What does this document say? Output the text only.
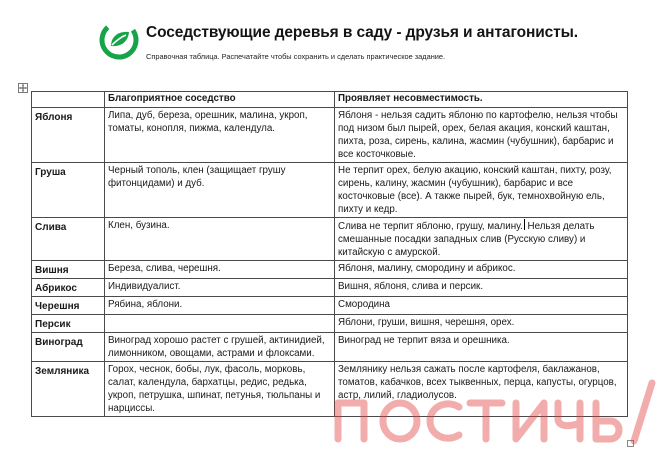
Соседствующие деревья в саду - друзья и антагонисты.
Справочная таблица. Распечатайте чтобы сохранить и сделать практическое задание.
	Благоприятное соседство	Проявляет несовместимость.

Яблоня	Липа, дуб, береза, орешник, малина, укроп, томаты, конопля, пижма, календула.	Яблоня - нельзя садить яблоню по картофелю, нельзя чтобы под низом был пырей, орех, белая акация, конский каштан, пихта, роза, сирень, калина, жасмин (чубушник), барбарис и все косточковые.

Груша	Черный тополь, клен (защищает грушу фитонцидами) и дуб.	Не терпит орех, белую акацию, конский каштан, пихту, розу, сирень, калину, жасмин (чубушник), барбарис и все косточковые (все). А также пырей, бук, темнохвойную ель, пихту и кедр.

Слива	Клен, бузина.	Слива не терпит яблоню, грушу, малину. Нельзя делать смешанные посадки западных слив (Русскую сливу) и китайскую с амурской.

Вишня	Береза, слива, черешня.	Яблоня, малину, смородину и абрикос.

Абрикос	Индивидуалист.	Вишня, яблоня, слива и персик.

Черешня	Рябина, яблони.	Смородина

Персик		Яблони, груши, вишня, черешня, орех.

Виноград	Виноград хорошо растет с грушей, актинидией, лимонником, овощами, астрами и флоксами.	Виноград не терпит вяза и орешника.

Земляника	Горох, чеснок, бобы, лук, фасоль, морковь, салат, календула, бархатцы, редис, редька, укроп, петрушка, шпинат, петунья, тюльпаны и нарциссы.	Землянику нельзя сажать после картофеля, баклажанов, томатов, кабачков, всех тыквенных, перца, капусты, огурцов, астр, лилий, гладиолусов.
